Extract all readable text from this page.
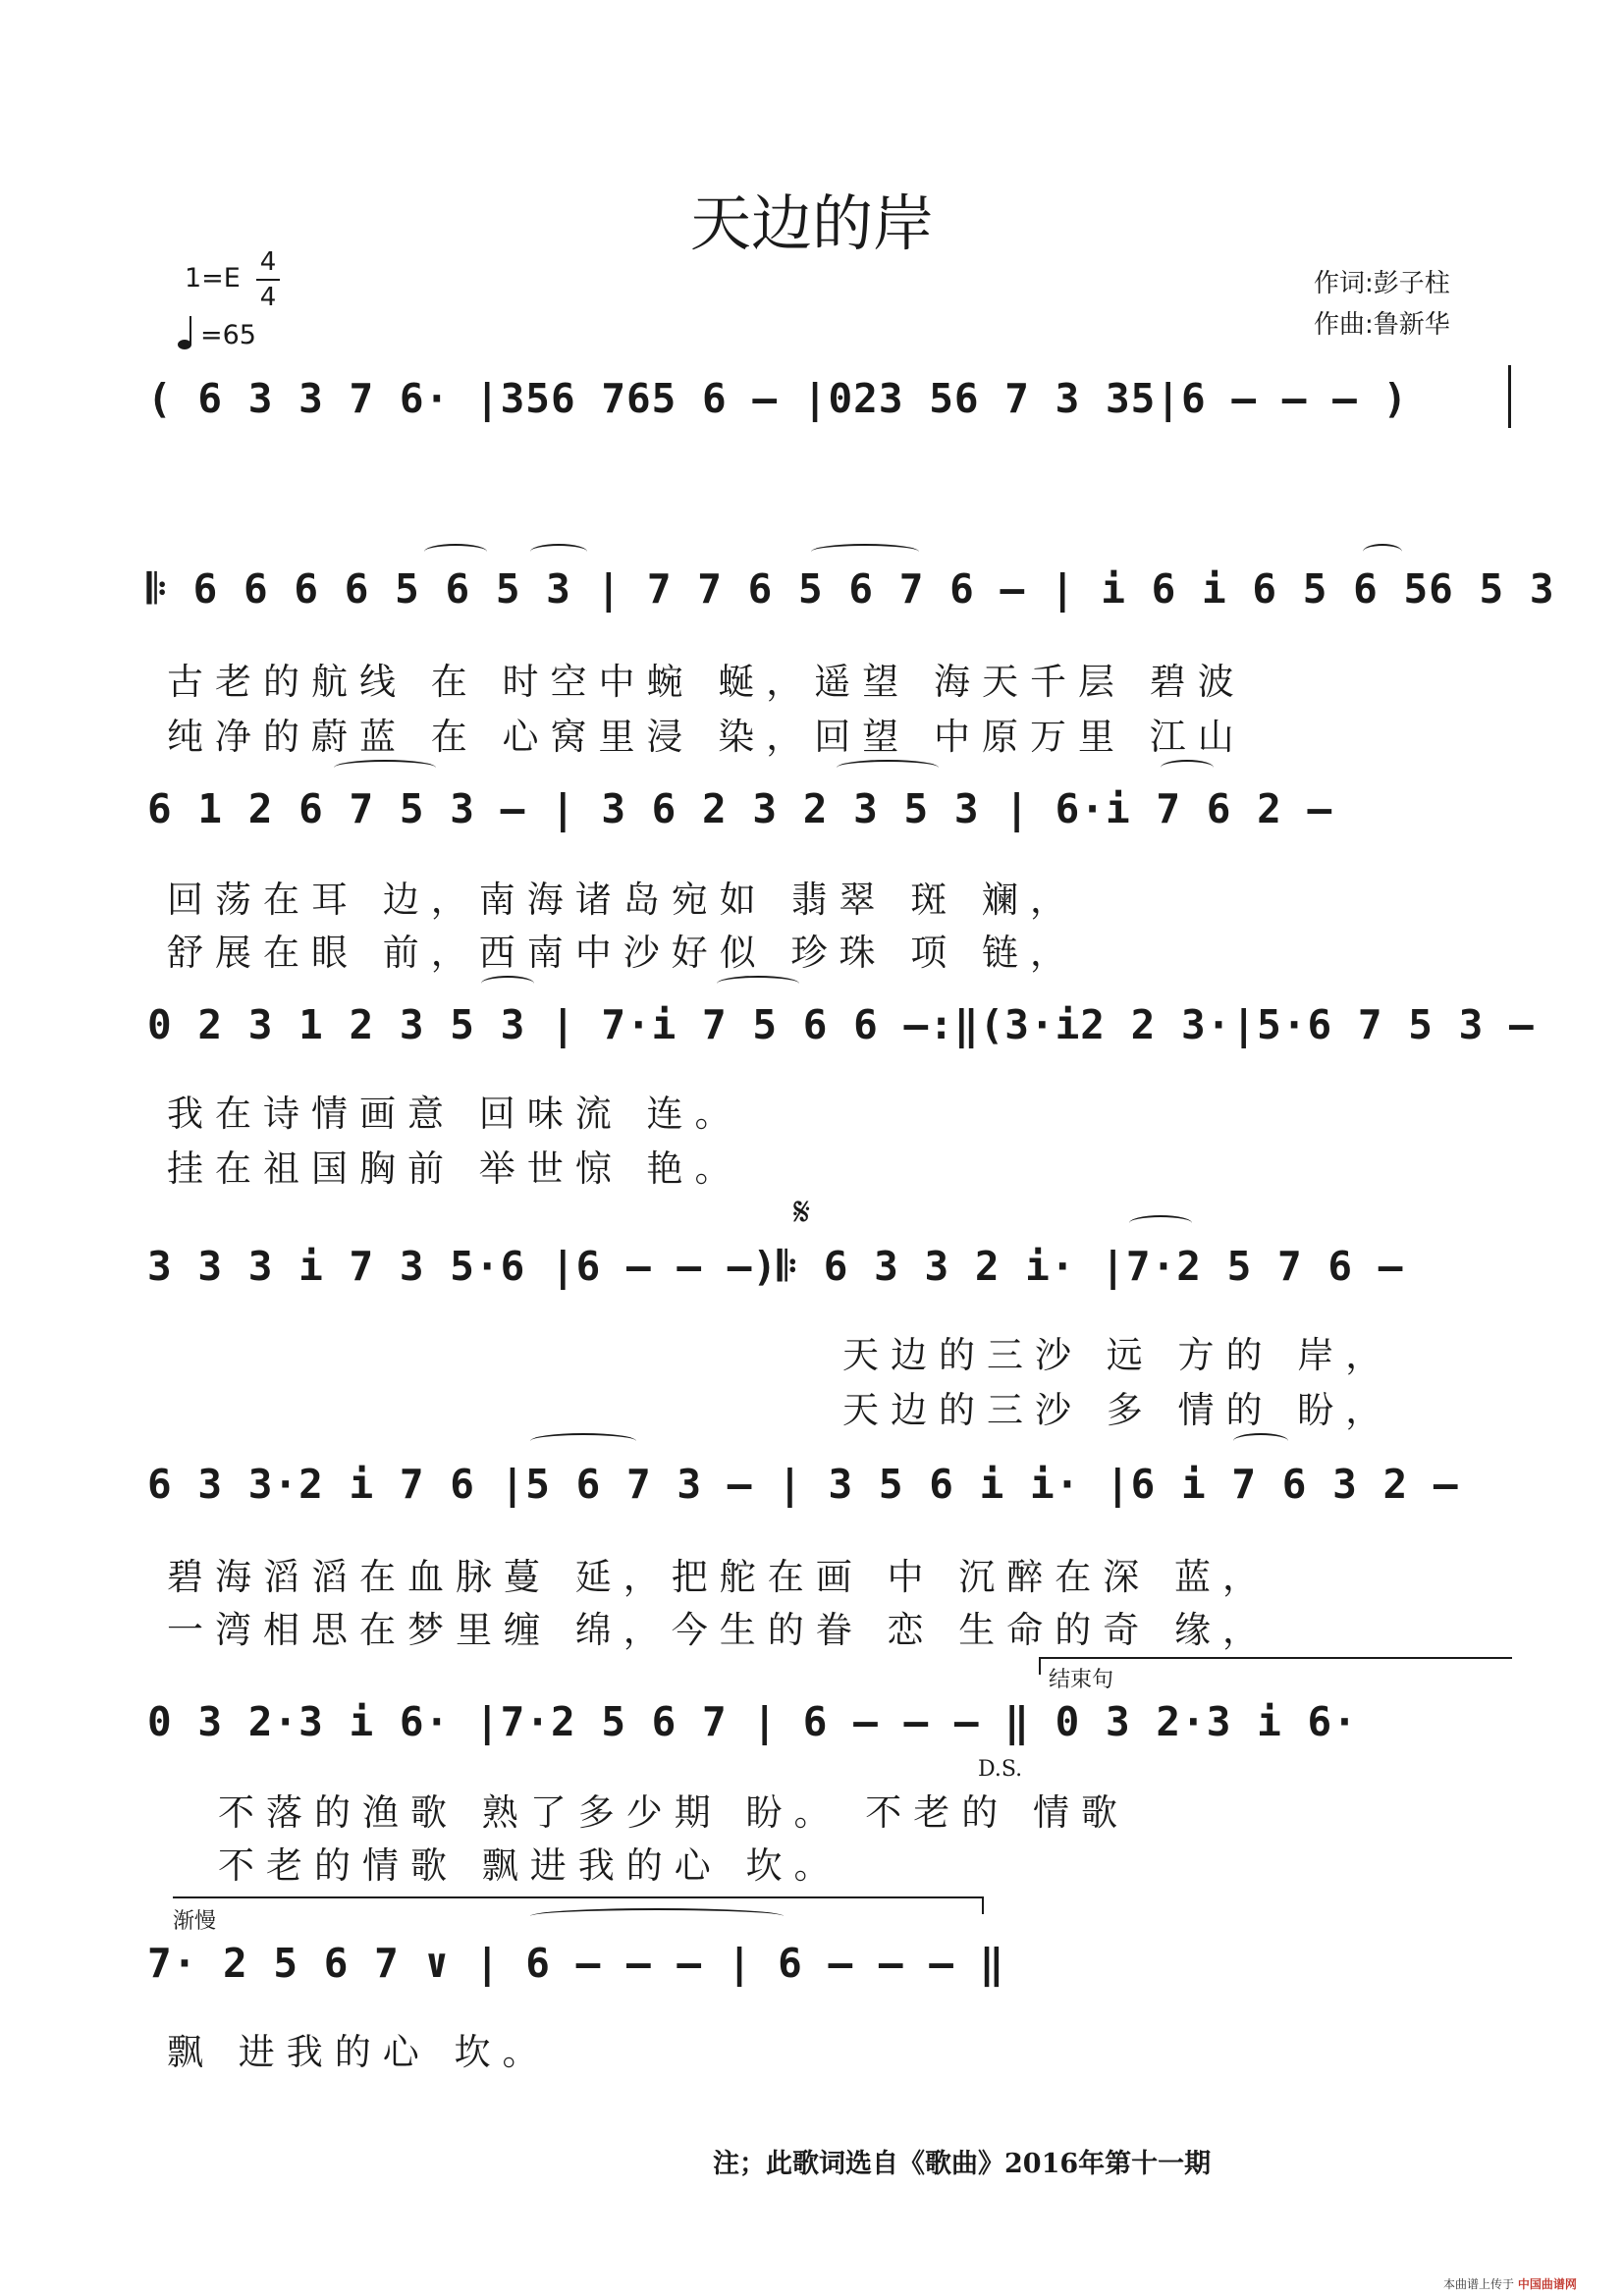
天边的岸
1=E
4
4
=65
作词:彭子柱
作曲:鲁新华
( 6 3 3 7 6· |356 765 6 – |023 56 7 3 35|6 – – – )
𝄆 6 6 6 6 5 6 5 3 | 7 7 6 5 6 7 6 – | i 6 i 6 5 6 56 5 3
古老的航线 在 时空中蜿 蜒，遥望 海天千层 碧波
纯净的蔚蓝 在 心窝里浸 染，回望 中原万里 江山
6 1 2 6 7 5 3 – | 3 6 2 3 2 3 5 3 | 6·i 7 6 2 –
回荡在耳 边，南海诸岛宛如 翡翠 斑 斓，
舒展在眼 前，西南中沙好似 珍珠 项 链，
0 2 3 1 2 3 5 3 | 7·i 7 5 6 6 –:‖(3·i2 2 3·|5·6 7 5 3 –
我在诗情画意 回味流 连。
挂在祖国胸前 举世惊 艳。
𝄋
3 3 3 i 7 3 5·6 |6 – – –)𝄆 6 3 3 2 i· |7·2 5 7 6 –
天边的三沙 远 方的 岸，
天边的三沙 多 情的 盼，
6 3 3·2 i 7 6 |5 6 7 3 – | 3 5 6 i i· |6 i 7 6 3 2 –
碧海滔滔在血脉蔓 延，把舵在画 中 沉醉在深 蓝，
一湾相思在梦里缠 绵，今生的眷 恋 生命的奇 缘，
结束句
0 3 2·3 i 6· |7·2 5 6 7 | 6 – – – ‖ 0 3 2·3 i 6·
D.S.
不落的渔歌 熟了多少期 盼。 不老的 情歌
不老的情歌 飘进我的心 坎。
渐慢
7· 2 5 6 7 ∨ | 6 – – – | 6 – – – ‖
飘 进我的心 坎。
注；此歌词选自《歌曲》2016年第十一期
本曲谱上传于 中国曲谱网
